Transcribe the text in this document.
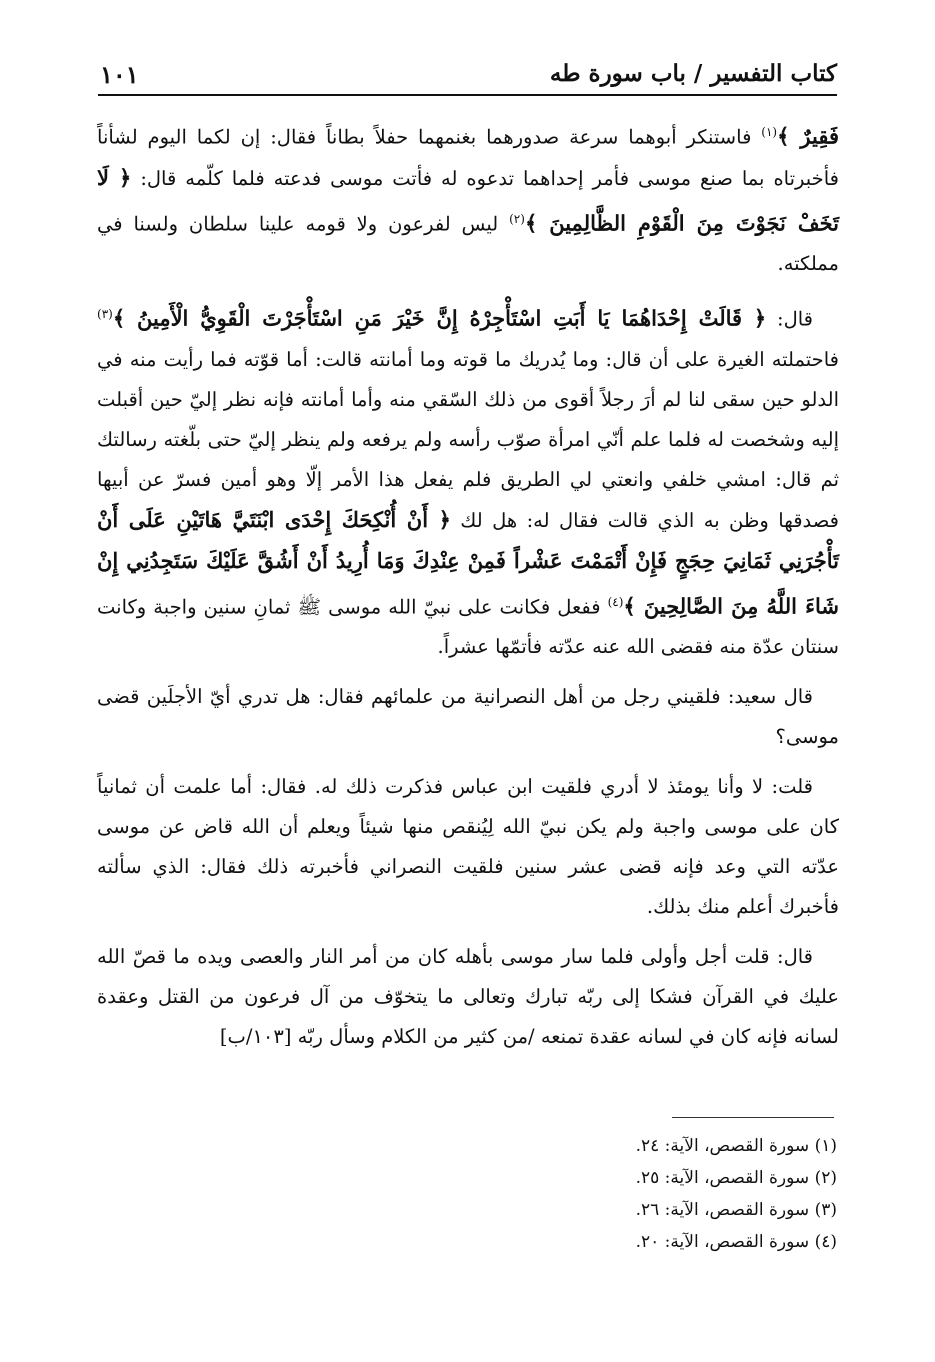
كتاب التفسير / باب سورة طه
١٠١

فَقِيرٌ ﴾$^{(١)}$ فاستنكر أبوهما سرعة صدورهما بغنمهما حفلاً بطاناً فقال: إن لكما اليوم لشأناً فأخبرتاه بما صنع موسى فأمر إحداهما تدعوه له فأتت موسى فدعته فلما كلّمه قال: ﴿ لَا تَخَفْ نَجَوْتَ مِنَ الْقَوْمِ الظَّالِمِينَ ﴾$^{(٢)}$ ليس لفرعون ولا قومه علينا سلطان ولسنا في مملكته.

قال: ﴿ قَالَتْ إِحْدَاهُمَا يَا أَبَتِ اسْتَأْجِرْهُ إِنَّ خَيْرَ مَنِ اسْتَأْجَرْتَ الْقَوِيُّ الْأَمِينُ ﴾$^{(٣)}$ فاحتملته الغيرة على أن قال: وما يُدريك ما قوته وما أمانته قالت: أما قوّته فما رأيت منه في الدلو حين سقى لنا لم أرَ رجلاً أقوى من ذلك السّقي منه وأما أمانته فإنه نظر إليّ حين أقبلت إليه وشخصت له فلما علم أنّي امرأة صوّب رأسه ولم يرفعه ولم ينظر إليّ حتى بلّغته رسالتك ثم قال: امشي خلفي وانعتي لي الطريق فلم يفعل هذا الأمر إلّا وهو أمين فسرّ عن أبيها فصدقها وظن به الذي قالت فقال له: هل لك ﴿ أَنْ أُنْكِحَكَ إِحْدَى ابْنَتَيَّ هَاتَيْنِ عَلَى أَنْ تَأْجُرَنِي ثَمَانِيَ حِجَجٍ فَإِنْ أَتْمَمْتَ عَشْراً فَمِنْ عِنْدِكَ وَمَا أُرِيدُ أَنْ أَشُقَّ عَلَيْكَ سَتَجِدُنِي إِنْ شَاءَ اللَّهُ مِنَ الصَّالِحِينَ ﴾$^{(٤)}$ ففعل فكانت على نبيّ الله موسى ﷺ ثمانِ سنين واجبة وكانت سنتان عدّة منه فقضى الله عنه عدّته فأتمّها عشراً.

قال سعيد: فلقيني رجل من أهل النصرانية من علمائهم فقال: هل تدري أيّ الأجلَين قضى موسى؟

قلت: لا وأنا يومئذ لا أدري فلقيت ابن عباس فذكرت ذلك له. فقال: أما علمت أن ثمانياً كان على موسى واجبة ولم يكن نبيّ الله لِيُنقص منها شيئاً ويعلم أن الله قاض عن موسى عدّته التي وعد فإنه قضى عشر سنين فلقيت النصراني فأخبرته ذلك فقال: الذي سألته فأخبرك أعلم منك بذلك.

قال: قلت أجل وأولى فلما سار موسى بأهله كان من أمر النار والعصى ويده ما قصّ الله عليك في القرآن فشكا إلى ربّه تبارك وتعالى ما يتخوّف من آل فرعون من القتل وعقدة لسانه فإنه كان في لسانه عقدة تمنعه /من كثير من الكلام وسأل ربّه [١٠٣/ب]

(١) سورة القصص، الآية: ٢٤.

(٢) سورة القصص، الآية: ٢٥.

(٣) سورة القصص، الآية: ٢٦.

(٤) سورة القصص، الآية: ٢٠.
